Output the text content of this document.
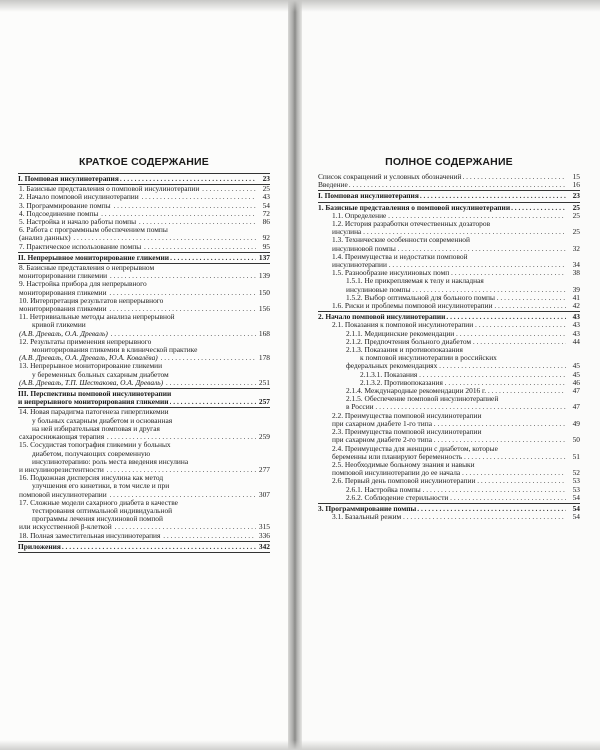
КРАТКОЕ СОДЕРЖАНИЕ
I. Помповая инсулинотерапия . . .	23
1. Базисные представления о помповой инсулинотерапии . . .	25
2. Начало помповой инсулинотерапии . . .	43
3. Программирование помпы . . .	54
4. Подсоединение помпы . . .	72
5. Настройка и начало работы помпы . . .	86
6. Работа с программным обеспечением помпы
(анализ данных) . . .	92
7. Практическое использование помпы . . .	95
II. Непрерывное мониторирование гликемии . . .	137
8. Базисные представления о непрерывном
мониторировании гликемии . . .	139
9. Настройка прибора для непрерывного
мониторирования гликемии . . .	150
10. Интерпретация результатов непрерывного
мониторирования гликемии . . .	156
11. Нетривиальные методы анализа непрерывной
кривой гликемии
(А.В. Древаль, О.А. Древаль) . . .	168
12. Результаты применения непрерывного
мониторирования гликемии в клинической практике
(А.В. Древаль, О.А. Древаль, Ю.А. Ковалёва) . . .	178
13. Непрерывное мониторирование гликемии
у беременных больных сахарным диабетом
(А.В. Древаль, Т.П. Шестакова, О.А. Древаль) . . .	251
III. Перспективы помповой инсулинотерапии
и непрерывного мониторирования гликемии . . .	257
14. Новая парадигма патогенеза гипергликемии
у больных сахарным диабетом и основанная
на ней избирательная помповая и другая
сахароснижающая терапия . . .	259
15. Сосудистая топография гликемии у больных
диабетом, получающих современную
инсулинотерапию: роль места введения инсулина
и инсулинорезистентности . . .	277
16. Подкожная дисперсия инсулина как метод
улучшения его кинетики, в том числе и при
помповой инсулинотерапии . . .	307
17. Сложные модели сахарного диабета в качестве
тестирования оптимальной индивидуальной
программы лечения инсулиновой помпой
или искусственной β-клеткой . . .	315
18. Полная заместительная инсулинотерапия . . .	336
Приложения . . .	342
ПОЛНОЕ СОДЕРЖАНИЕ
Список сокращений и условных обозначений . . .	15
Введение . . .	16
I. Помповая инсулинотерапия . . .	23
1. Базисные представления о помповой инсулинотерапии . . .	25
1.1. Определение . . .	25
1.2. История разработки отечественных дозаторов
инсулина . . .	25
1.3. Технические особенности современной
инсулиновой помпы . . .	32
1.4. Преимущества и недостатки помповой
инсулинотерапии . . .	34
1.5. Разнообразие инсулиновых помп . . .	38
1.5.1. Не прикрепляемая к телу и накладная
инсулиновые помпы . . .	39
1.5.2. Выбор оптимальной для больного помпы . . .	41
1.6. Риски и проблемы помповой инсулинотерапии . . .	42
2. Начало помповой инсулинотерапии . . .	43
2.1. Показания к помповой инсулинотерапии . . .	43
2.1.1. Медицинские рекомендации . . .	43
2.1.2. Предпочтения больного диабетом . . .	44
2.1.3. Показания и противопоказания
к помповой инсулинотерапии в российских
федеральных рекомендациях . . .	45
2.1.3.1. Показания . . .	45
2.1.3.2. Противопоказания . . .	46
2.1.4. Международные рекомендации 2016 г. . . .	47
2.1.5. Обеспечение помповой инсулинотерапией
в России . . .	47
2.2. Преимущества помповой инсулинотерапии
при сахарном диабете 1-го типа . . .	49
2.3. Преимущества помповой инсулинотерапии
при сахарном диабете 2-го типа . . .	50
2.4. Преимущества для женщин с диабетом, которые
беременны или планируют беременность . . .	51
2.5. Необходимые больному знания и навыки
помповой инсулинотерапии до ее начала . . .	52
2.6. Первый день помповой инсулинотерапии . . .	53
2.6.1. Настройка помпы . . .	53
2.6.2. Соблюдение стерильности . . .	54
3. Программирование помпы . . .	54
3.1. Базальный режим . . .	54
